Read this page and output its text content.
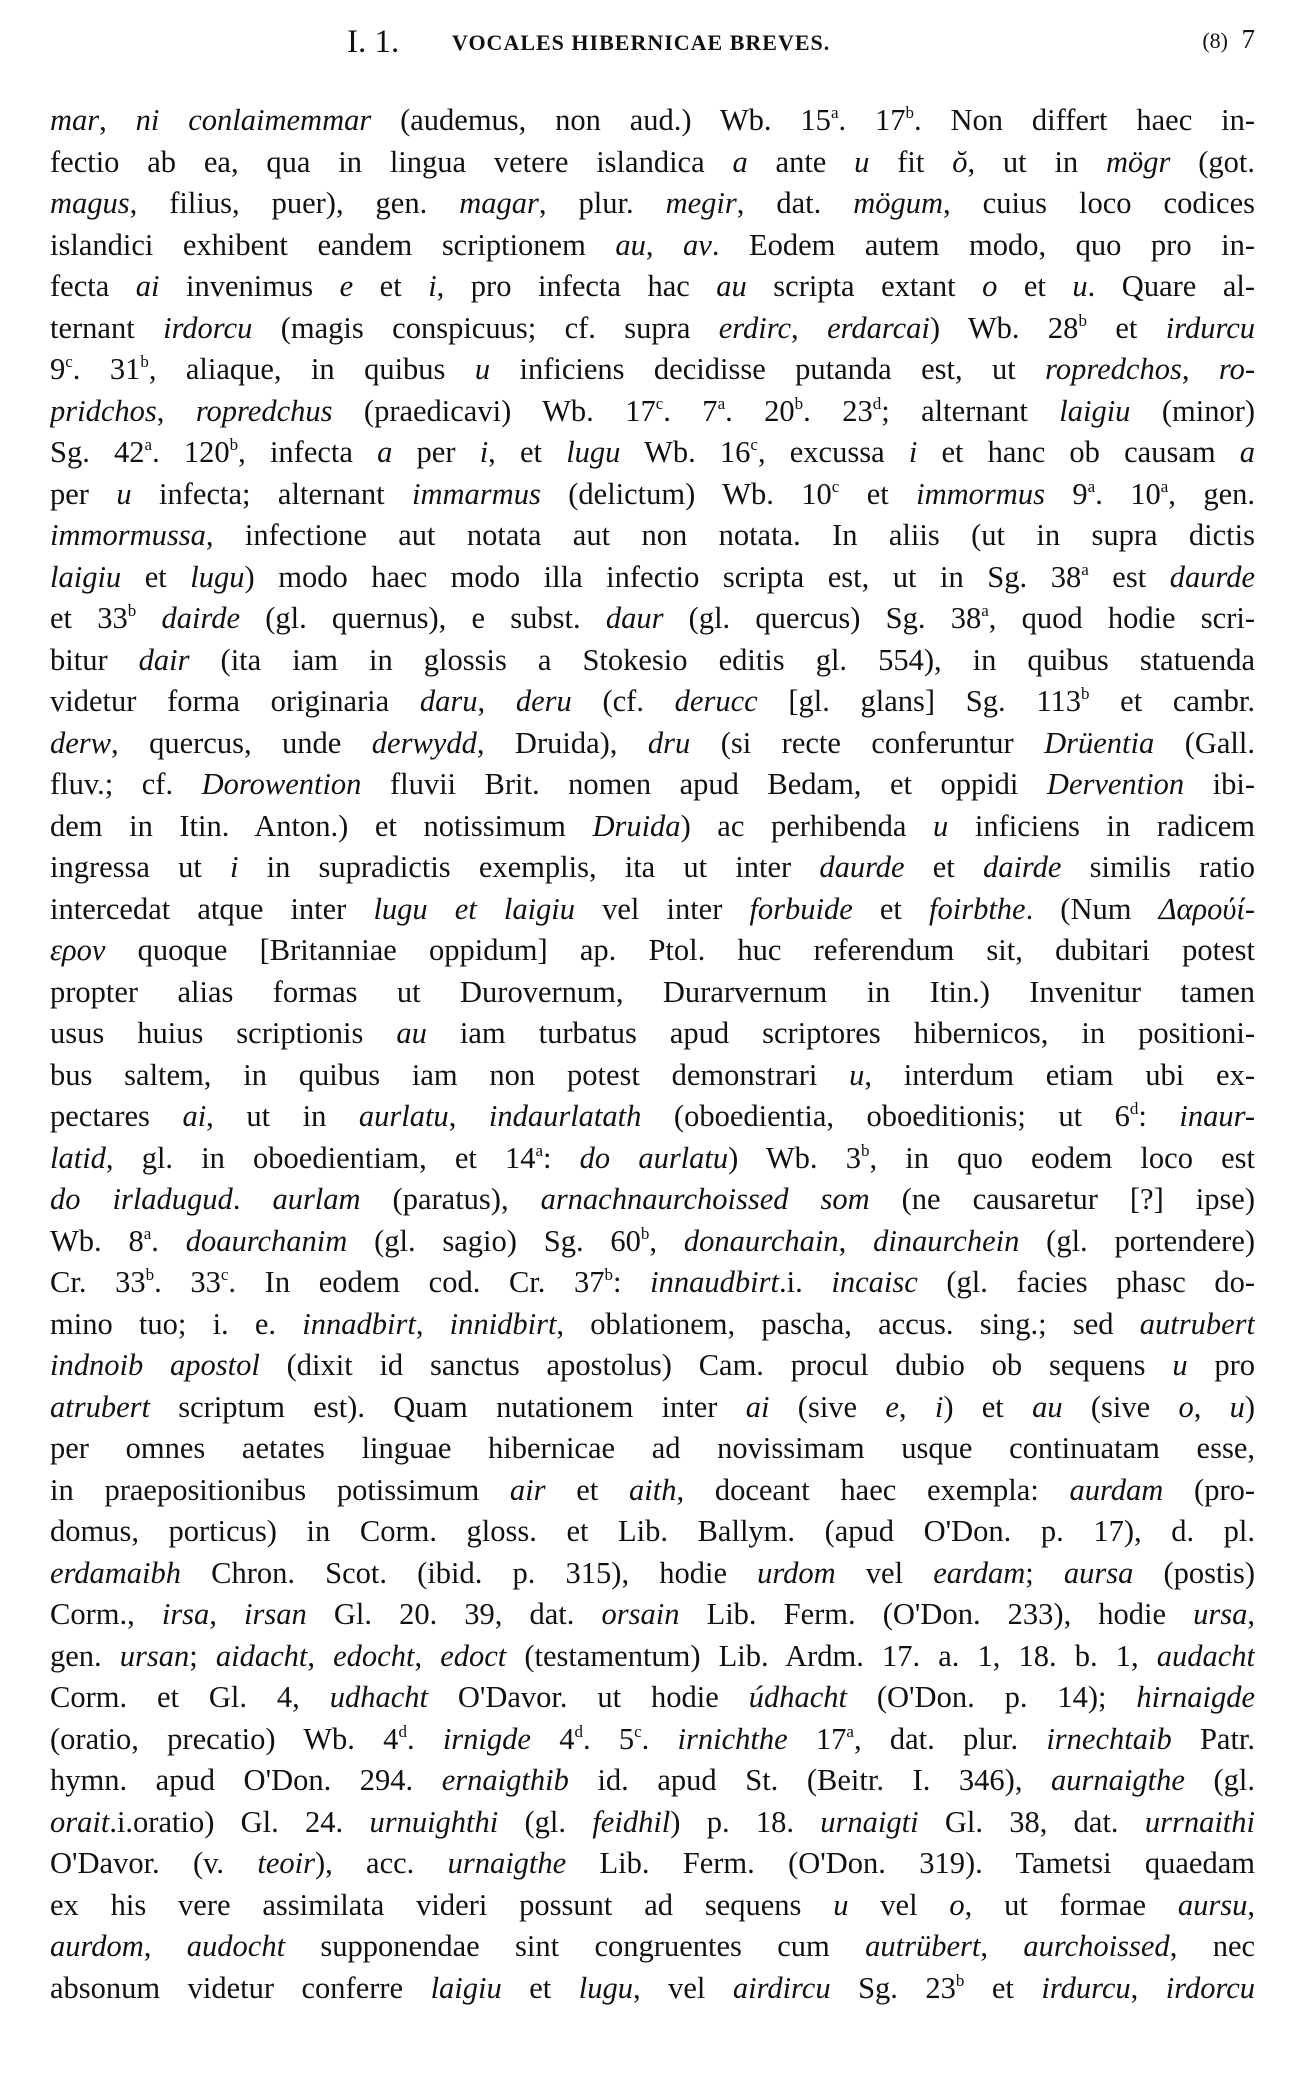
I. 1. VOCALES HIBERNICAE BREVES.	(8) 7
mar, ni conlaimemmar (audemus, non aud.) Wb. 15$^a$. 17$^b$. Non differt haec in-
fectio ab ea, qua in lingua vetere islandica a ante u fit ŏ, ut in mögr (got.
magus, filius, puer), gen. magar, plur. megir, dat. mögum, cuius loco codices
islandici exhibent eandem scriptionem au, av. Eodem autem modo, quo pro in-
fecta ai invenimus e et i, pro infecta hac au scripta extant o et u. Quare al-
ternant irdorcu (magis conspicuus; cf. supra erdirc, erdarcai) Wb. 28$^b$ et irdurcu
9$^c$. 31$^b$, aliaque, in quibus u inficiens decidisse putanda est, ut ropredchos, ro-
pridchos, ropredchus (praedicavi) Wb. 17$^c$. 7$^a$. 20$^b$. 23$^d$; alternant laigiu (minor)
Sg. 42$^a$. 120$^b$, infecta a per i, et lugu Wb. 16$^c$, excussa i et hanc ob causam a
per u infecta; alternant immarmus (delictum) Wb. 10$^c$ et immormus 9$^a$. 10$^a$, gen.
immormussa, infectione aut notata aut non notata. In aliis (ut in supra dictis
laigiu et lugu) modo haec modo illa infectio scripta est, ut in Sg. 38$^a$ est daurde
et 33$^b$ dairde (gl. quernus), e subst. daur (gl. quercus) Sg. 38$^a$, quod hodie scri-
bitur dair (ita iam in glossis a Stokesio editis gl. 554), in quibus statuenda
videtur forma originaria daru, deru (cf. derucc [gl. glans] Sg. 113$^b$ et cambr.
derw, quercus, unde derwydd, Druida), dru (si recte conferuntur Drüentia (Gall.
fluv.; cf. Dorowention fluvii Brit. nomen apud Bedam, et oppidi Dervention ibi-
dem in Itin. Anton.) et notissimum Druida) ac perhibenda u inficiens in radicem
ingressa ut i in supradictis exemplis, ita ut inter daurde et dairde similis ratio
intercedat atque inter lugu et laigiu vel inter forbuide et foirbthe. (Num Δαρούί-
ερον quoque [Britanniae oppidum] ap. Ptol. huc referendum sit, dubitari potest
propter alias formas ut Durovernum, Durarvernum in Itin.) Invenitur tamen
usus huius scriptionis au iam turbatus apud scriptores hibernicos, in positioni-
bus saltem, in quibus iam non potest demonstrari u, interdum etiam ubi ex-
pectares ai, ut in aurlatu, indaurlatath (oboedientia, oboeditionis; ut 6$^d$: inaur-
latid, gl. in oboedientiam, et 14$^a$: do aurlatu) Wb. 3$^b$, in quo eodem loco est
do irladugud. aurlam (paratus), arnachnaurchoissed som (ne causaretur [?] ipse)
Wb. 8$^a$. doaurchanim (gl. sagio) Sg. 60$^b$, donaurchain, dinaurchein (gl. portendere)
Cr. 33$^b$. 33$^c$. In eodem cod. Cr. 37$^b$: innaudbirt.i. incaisc (gl. facies phasc do-
mino tuo; i. e. innadbirt, innidbirt, oblationem, pascha, accus. sing.; sed autrubert
indnoib apostol (dixit id sanctus apostolus) Cam. procul dubio ob sequens u pro
atrubert scriptum est). Quam nutationem inter ai (sive e, i) et au (sive o, u)
per omnes aetates linguae hibernicae ad novissimam usque continuatam esse,
in praepositionibus potissimum air et aith, doceant haec exempla: aurdam (pro-
domus, porticus) in Corm. gloss. et Lib. Ballym. (apud O'Don. p. 17), d. pl.
erdamaibh Chron. Scot. (ibid. p. 315), hodie urdom vel eardam; aursa (postis)
Corm., irsa, irsan Gl. 20. 39, dat. orsain Lib. Ferm. (O'Don. 233), hodie ursa,
gen. ursan; aidacht, edocht, edoct (testamentum) Lib. Ardm. 17. a. 1, 18. b. 1, audacht
Corm. et Gl. 4, udhacht O'Davor. ut hodie údhacht (O'Don. p. 14); hirnaigde
(oratio, precatio) Wb. 4$^d$. irnigde 4$^d$. 5$^c$. irnichthe 17$^a$, dat. plur. irnechtaib Patr.
hymn. apud O'Don. 294. ernaigthib id. apud St. (Beitr. I. 346), aurnaigthe (gl.
orait.i.oratio) Gl. 24. urnuighthi (gl. feidhil) p. 18. urnaigti Gl. 38, dat. urrnaithi
O'Davor. (v. teoir), acc. urnaigthe Lib. Ferm. (O'Don. 319). Tametsi quaedam
ex his vere assimilata videri possunt ad sequens u vel o, ut formae aursu,
aurdom, audocht supponendae sint congruentes cum autrübert, aurchoissed, nec
absonum videtur conferre laigiu et lugu, vel airdircu Sg. 23$^b$ et irdurcu, irdorcu
